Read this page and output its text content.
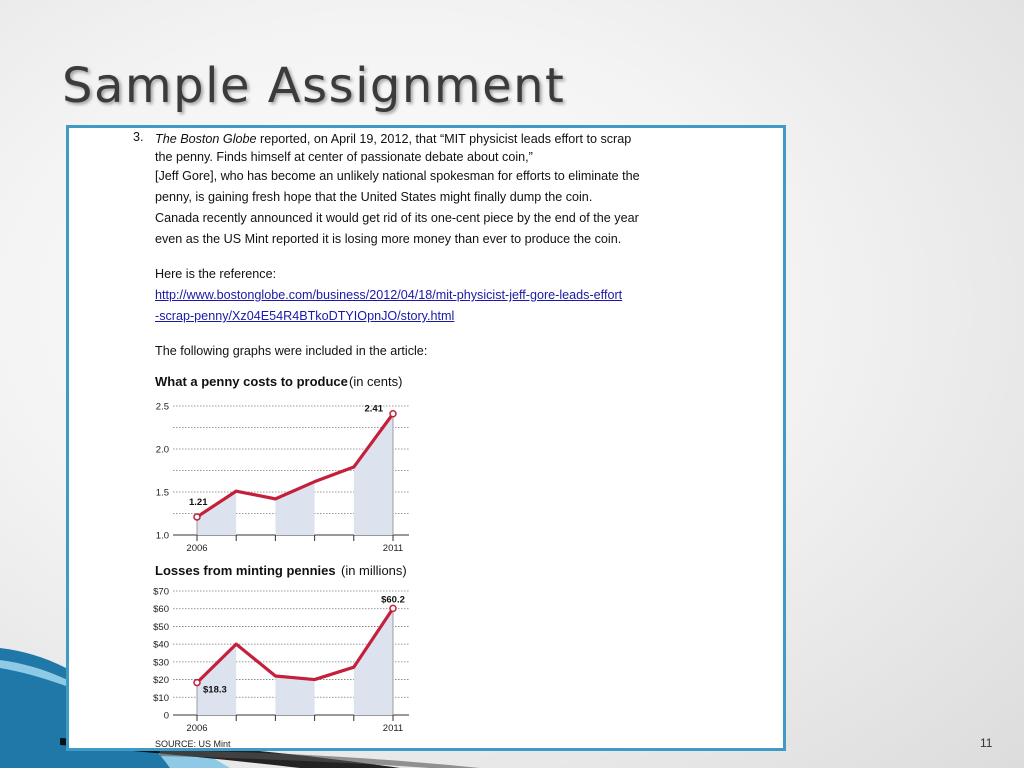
Sample Assignment
3. The Boston Globe reported, on April 19, 2012, that “MIT physicist leads effort to scrap

the penny. Finds himself at center of passionate debate about coin,”

[Jeff Gore], who has become an unlikely national spokesman for efforts to eliminate the

penny, is gaining fresh hope that the United States might finally dump the coin.

Canada recently announced it would get rid of its one-cent piece by the end of the year

even as the US Mint reported it is losing more money than ever to produce the coin.

Here is the reference:

http://www.bostonglobe.com/business/2012/04/18/mit-physicist-jeff-gore-leads-effort

-scrap-penny/Xz04E54R4BTkoDTYIOpnJO/story.html

The following graphs were included in the article:

What a penny costs to produce (in cents)
1.0
1.5
2.0
2.5
2006	2011
1.21
2.41
Losses from minting pennies (in millions)
0
$10
$20
$30
$40
$50
$60
$70
2006	2011
$18.3
$60.2
SOURCE: US Mint	11
